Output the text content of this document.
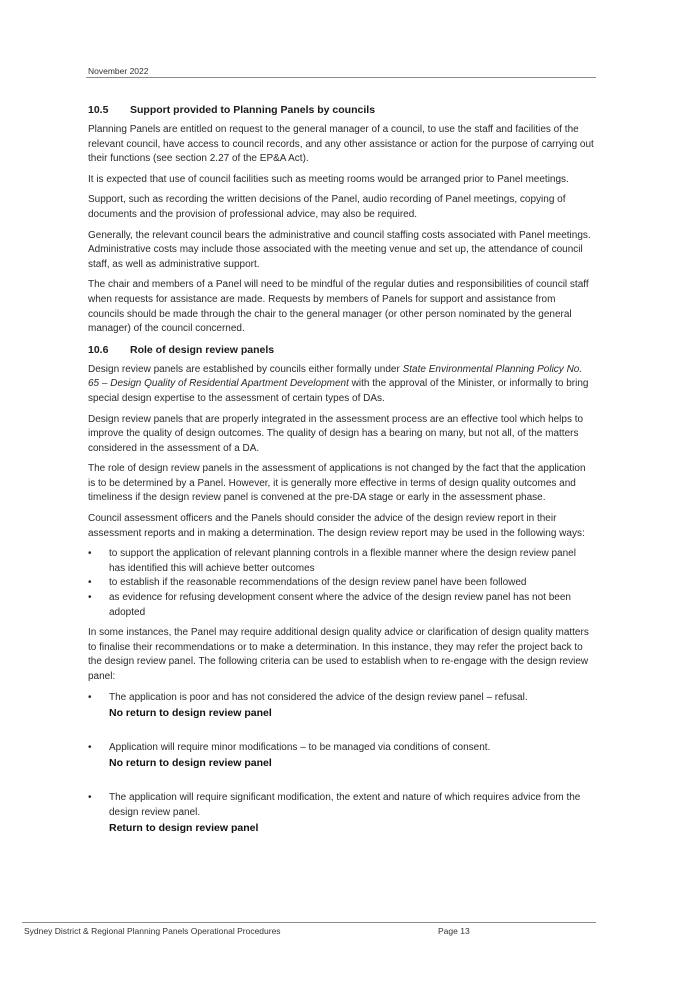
November 2022
10.5 Support provided to Planning Panels by councils

Planning Panels are entitled on request to the general manager of a council, to use the staff and facilities of the relevant council, have access to council records, and any other assistance or action for the purpose of carrying out their functions (see section 2.27 of the EP&A Act).

It is expected that use of council facilities such as meeting rooms would be arranged prior to Panel meetings.

Support, such as recording the written decisions of the Panel, audio recording of Panel meetings, copying of documents and the provision of professional advice, may also be required.

Generally, the relevant council bears the administrative and council staffing costs associated with Panel meetings. Administrative costs may include those associated with the meeting venue and set up, the attendance of council staff, as well as administrative support.

The chair and members of a Panel will need to be mindful of the regular duties and responsibilities of council staff when requests for assistance are made. Requests by members of Panels for support and assistance from councils should be made through the chair to the general manager (or other person nominated by the general manager) of the council concerned.

10.6 Role of design review panels

Design review panels are established by councils either formally under State Environmental Planning Policy No. 65 – Design Quality of Residential Apartment Development with the approval of the Minister, or informally to bring special design expertise to the assessment of certain types of DAs.

Design review panels that are properly integrated in the assessment process are an effective tool which helps to improve the quality of design outcomes. The quality of design has a bearing on many, but not all, of the matters considered in the assessment of a DA.

The role of design review panels in the assessment of applications is not changed by the fact that the application is to be determined by a Panel. However, it is generally more effective in terms of design quality outcomes and timeliness if the design review panel is convened at the pre-DA stage or early in the assessment phase.

Council assessment officers and the Panels should consider the advice of the design review report in their assessment reports and in making a determination. The design review report may be used in the following ways:

• to support the application of relevant planning controls in a flexible manner where the design review panel has identified this will achieve better outcomes
• to establish if the reasonable recommendations of the design review panel have been followed
• as evidence for refusing development consent where the advice of the design review panel has not been adopted

In some instances, the Panel may require additional design quality advice or clarification of design quality matters to finalise their recommendations or to make a determination. In this instance, they may refer the project back to the design review panel. The following criteria can be used to establish when to re-engage with the design review panel:

• The application is poor and has not considered the advice of the design review panel – refusal.
No return to design review panel
• Application will require minor modifications – to be managed via conditions of consent.
No return to design review panel
• The application will require significant modification, the extent and nature of which requires advice from the design review panel.
Return to design review panel
Sydney District & Regional Planning Panels Operational Procedures	Page 13
